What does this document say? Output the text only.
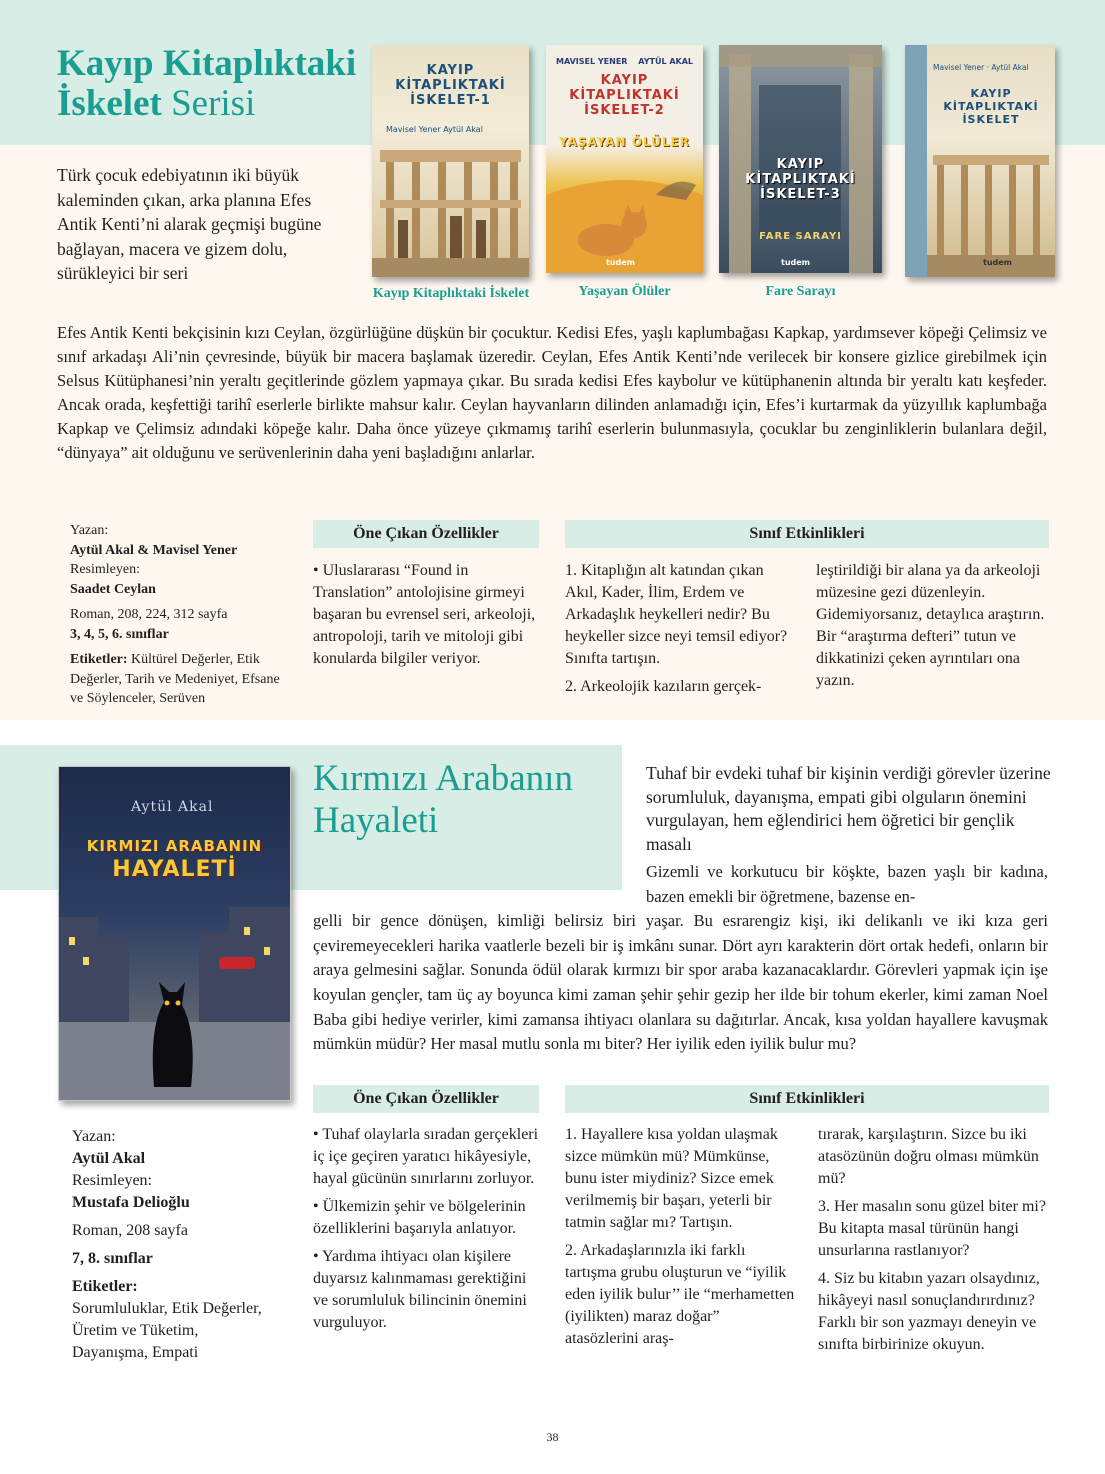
Kayıp Kitaplıktaki
İskelet Serisi
Türk çocuk edebiyatının iki büyük kaleminden çıkan, arka planına Efes Antik Kenti’ni alarak geçmişi bugüne bağlayan, macera ve gizem dolu, sürükleyici bir seri
KAYIP
KİTAPLIKTAKİ
İSKELET-1
Mavisel Yener Aytül Akal
Kayıp Kitaplıktaki İskelet
MAVISEL YENER AYTÜL AKAL
KAYIP
KİTAPLIKTAKİ
İSKELET-2
YAŞAYAN ÖLÜLER
tudem
Yaşayan Ölüler
KAYIP
KİTAPLIKTAKİ
İSKELET-3
FARE SARAYI
tudem
Fare Sarayı
Mavisel Yener · Aytül Akal
KAYIP
KİTAPLIKTAKİ
İSKELET
tudem
Efes Antik Kenti bekçisinin kızı Ceylan, özgürlüğüne düşkün bir çocuktur. Kedisi Efes, yaşlı kaplumbağası Kapkap, yardımsever köpeği Çelimsiz ve sınıf arkadaşı Ali’nin çevresinde, büyük bir macera başlamak üzeredir. Ceylan, Efes Antik Kenti’nde verilecek bir konsere gizlice girebilmek için Selsus Kütüphanesi’nin yeraltı geçitlerinde gözlem yapmaya çıkar. Bu sırada kedisi Efes kaybolur ve kütüphanenin altında bir yeraltı katı keşfeder. Ancak orada, keşfettiği tarihî eserlerle birlikte mahsur kalır. Ceylan hayvanların dilinden anlamadığı için, Efes’i kurtarmak da yüzyıllık kaplumbağa Kapkap ve Çelimsiz adındaki köpeğe kalır. Daha önce yüzeye çıkmamış tarihî eserlerin bulunmasıyla, çocuklar bu zenginliklerin bulanlara değil, “dünyaya” ait olduğunu ve serüvenlerinin daha yeni başladığını anlarlar.
Yazan:
Aytül Akal & Mavisel Yener
Resimleyen:
Saadet Ceylan
Roman, 208, 224, 312 sayfa
3, 4, 5, 6. sınıflar
Etiketler: Kültürel Değerler, Etik Değerler, Tarih ve Medeniyet, Efsane ve Söylenceler, Serüven
Öne Çıkan Özellikler

• Uluslararası “Found in Translation” antolojisine girmeyi başaran bu evrensel seri, arkeoloji, antropoloji, tarih ve mitoloji gibi konularda bilgiler veriyor.

Sınıf Etkinlikleri

1. Kitaplığın alt katından çıkan Akıl, Kader, İlim, Erdem ve Arkadaşlık heykelleri nedir? Bu heykeller sizce neyi temsil ediyor? Sınıfta tartışın.

2. Arkeolojik kazıların gerçek-

leştirildiği bir alana ya da arkeoloji müzesine gezi düzenleyin. Gidemiyorsanız, detaylıca araştırın. Bir “araştırma defteri” tutun ve dikkatinizi çeken ayrıntıları ona yazın.

Aytül Akal
KIRMIZI ARABANIN
HAYALETİ
Kırmızı Arabanın
Hayaleti
Tuhaf bir evdeki tuhaf bir kişinin verdiği görevler üzerine sorumluluk, dayanışma, empati gibi olguların önemini vurgulayan, hem eğlendirici hem öğretici bir gençlik masalı
Gizemli ve korkutucu bir köşkte, bazen yaşlı bir kadına, bazen emekli bir öğretmene, bazense en-
gelli bir gence dönüşen, kimliği belirsiz biri yaşar. Bu esrarengiz kişi, iki delikanlı ve iki kıza geri çeviremeyecekleri harika vaatlerle bezeli bir iş imkânı sunar. Dört ayrı karakterin dört ortak hedefi, onların bir araya gelmesini sağlar. Sonunda ödül olarak kırmızı bir spor araba kazanacaklardır. Görevleri yapmak için işe koyulan gençler, tam üç ay boyunca kimi zaman şehir şehir gezip her ilde bir tohum ekerler, kimi zaman Noel Baba gibi hediye verirler, kimi zamansa ihtiyacı olanlara su dağıtırlar. Ancak, kısa yoldan hayallere kavuşmak mümkün müdür? Her masal mutlu sonla mı biter? Her iyilik eden iyilik bulur mu?
Yazan:
Aytül Akal
Resimleyen:
Mustafa Delioğlu
Roman, 208 sayfa
7, 8. sınıflar
Etiketler:
Sorumluluklar, Etik Değerler, Üretim ve Tüketim, Dayanışma, Empati
Öne Çıkan Özellikler

• Tuhaf olaylarla sıradan gerçekleri iç içe geçiren yaratıcı hikâyesiyle, hayal gücünün sınırlarını zorluyor.

• Ülkemizin şehir ve bölgelerinin özelliklerini başarıyla anlatıyor.

• Yardıma ihtiyacı olan kişilere duyarsız kalınmaması gerektiğini ve sorumluluk bilincinin önemini vurguluyor.

Sınıf Etkinlikleri

1. Hayallere kısa yoldan ulaşmak sizce mümkün mü? Mümkünse, bunu ister miydiniz? Sizce emek verilmemiş bir başarı, yeterli bir tatmin sağlar mı? Tartışın.

2. Arkadaşlarınızla iki farklı tartışma grubu oluşturun ve “iyilik eden iyilik bulur’’ ile “merhametten (iyilikten) maraz doğar” atasözlerini araş-

tırarak, karşılaştırın. Sizce bu iki atasözünün doğru olması mümkün mü?

3. Her masalın sonu güzel biter mi? Bu kitapta masal türünün hangi unsurlarına rastlanıyor?

4. Siz bu kitabın yazarı olsaydınız, hikâyeyi nasıl sonuçlandırırdınız? Farklı bir son yazmayı deneyin ve sınıfta birbirinize okuyun.

38
